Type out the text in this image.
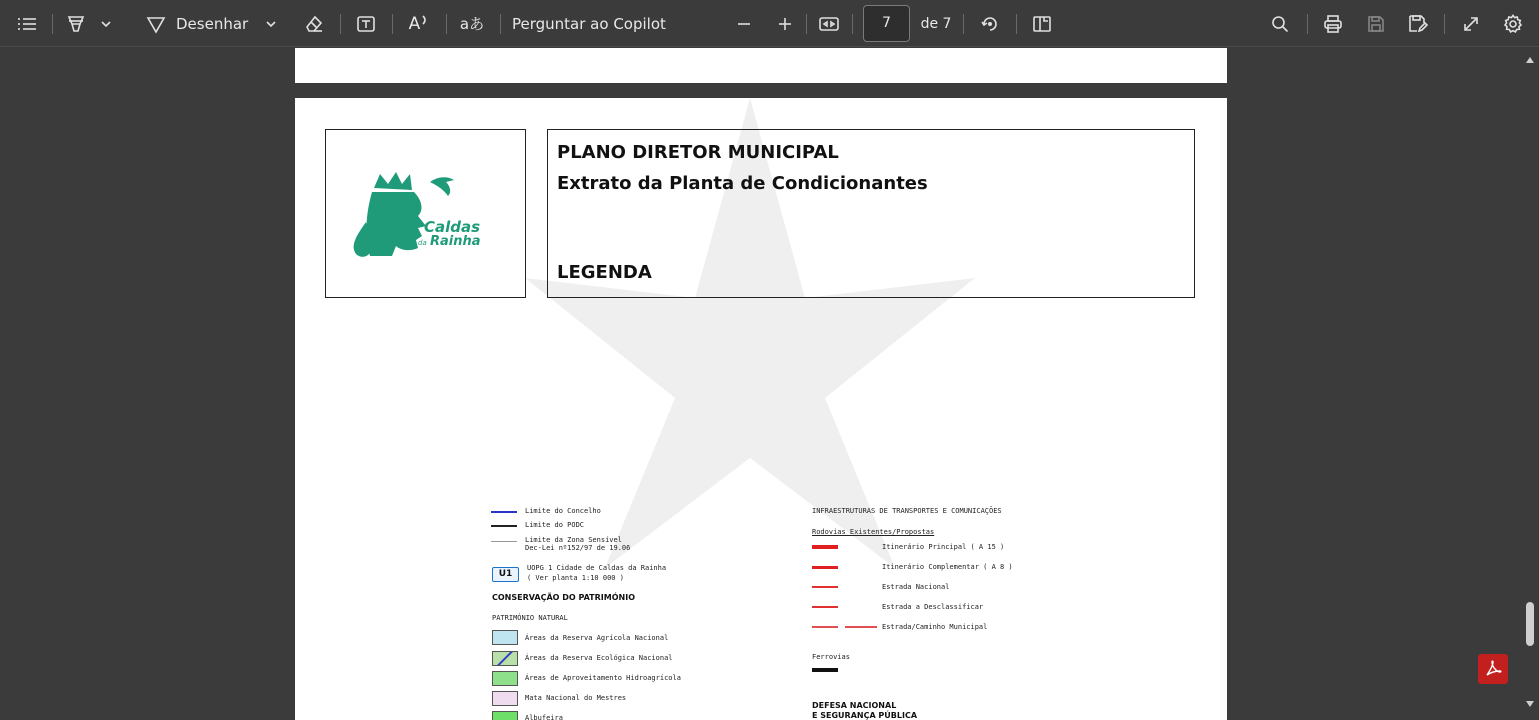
Desenhar	A	aあ Perguntar ao Copilot	7	de 7
Caldas
da Rainha
PLANO DIRETOR MUNICIPAL
Extrato da Planta de Condicionantes
LEGENDA
Limite do Concelho
Limite do PODC
Limite da Zona Sensível
Dec-Lei nº152/97 de 19.06
U1
UOPG 1 Cidade de Caldas da Rainha
( Ver planta 1:10 000 )
CONSERVAÇÃO DO PATRIMÓNIO
PATRIMÓNIO NATURAL
Áreas da Reserva Agrícola Nacional
Áreas da Reserva Ecológica Nacional
Áreas de Aproveitamento Hidroagrícola
Mata Nacional do Mestres
Albufeira
INFRAESTRUTURAS DE TRANSPORTES E COMUNICAÇÕES
Rodovias Existentes/Propostas
Itinerário Principal ( A 15 )
Itinerário Complementar ( A 8 )
Estrada Nacional
Estrada a Desclassificar
Estrada/Caminho Municipal
Ferrovias
DEFESA NACIONAL
E SEGURANÇA PÚBLICA
